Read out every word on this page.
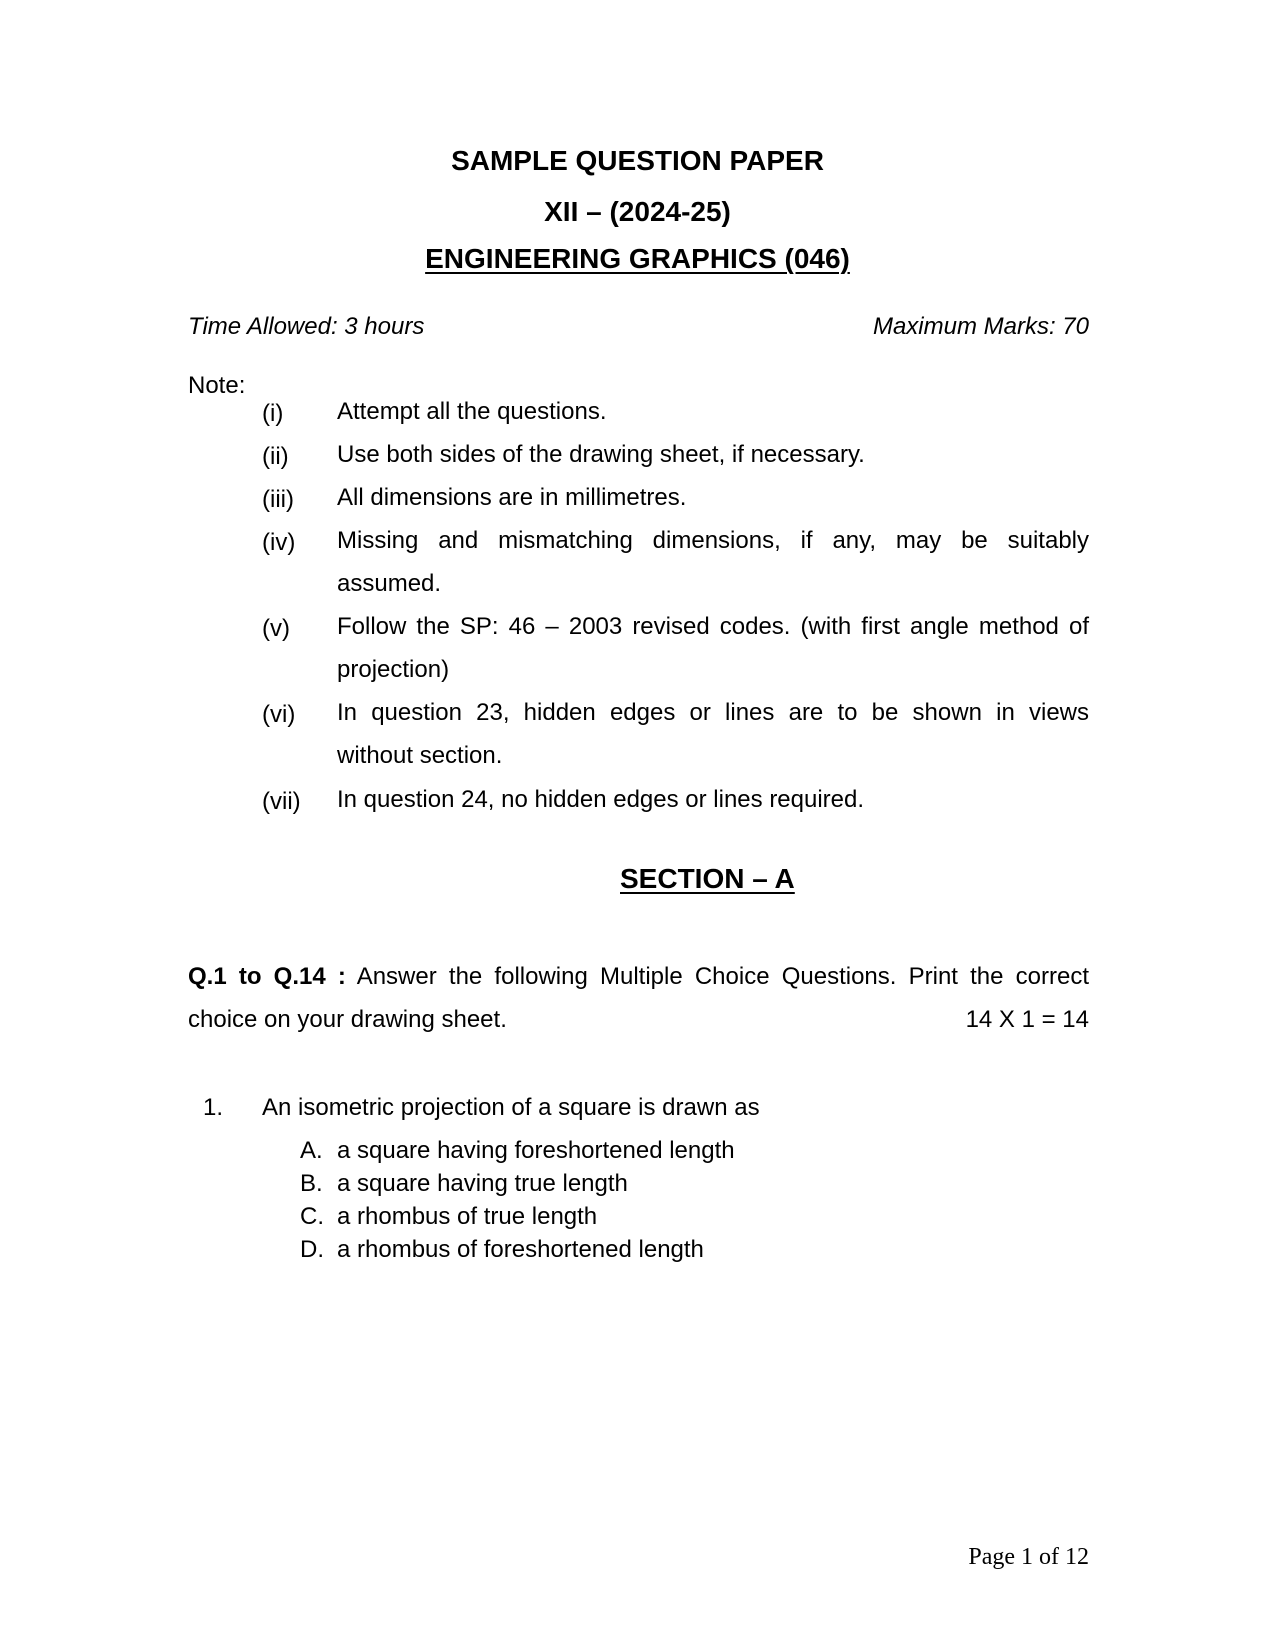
SAMPLE QUESTION PAPER
XII – (2024-25)
ENGINEERING GRAPHICS (046)
Time Allowed: 3 hours	Maximum Marks: 70
Note:
(i) Attempt all the questions.
(ii) Use both sides of the drawing sheet, if necessary.
(iii) All dimensions are in millimetres.
(iv) Missing and mismatching dimensions, if any, may be suitably
assumed.
(v) Follow the SP: 46 – 2003 revised codes. (with first angle method of
projection)
(vi) In question 23, hidden edges or lines are to be shown in views
without section.
(vii) In question 24, no hidden edges or lines required.
SECTION – A
Q.1 to Q.14 : Answer the following Multiple Choice Questions. Print the correct
choice on your drawing sheet.	14 X 1 = 14
1. An isometric projection of a square is drawn as
A. a square having foreshortened length
B. a square having true length
C. a rhombus of true length
D. a rhombus of foreshortened length
Page 1 of 12
